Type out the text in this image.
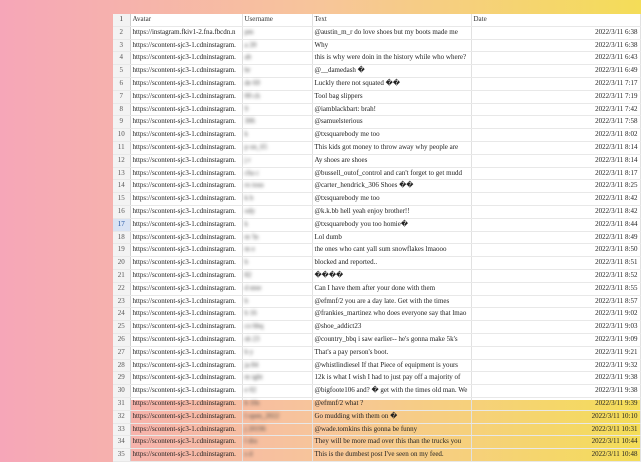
1	Avatar	Username	Text	Date
2	https://instagram.fkiv1-2.fna.fbcdn.n	pm	@austin_m_r do love shoes but my boots made me	2022/3/11 6:38
3	https://scontent-sjc3-1.cdninstagram.	a 20	Why	2022/3/11 6:38
4	https://scontent-sjc3-1.cdninstagram.	ab	this is why were doin in the history while who where?	2022/3/11 6:43
5	https://scontent-sjc3-1.cdninstagram.	br	@__damedash �	2022/3/11 6:49
6	https://scontent-sjc3-1.cdninstagram.	de 69	Luckly there not squated ��	2022/3/11 7:17
7	https://scontent-sjc3-1.cdninstagram.	00 ch	Tool bag slippers	2022/3/11 7:19
8	https://scontent-sjc3-1.cdninstagram.	9	@iamblackbart: brah!	2022/3/11 7:42
9	https://scontent-sjc3-1.cdninstagram.	306	@samuelsterious	2022/3/11 7:58
10	https://scontent-sjc3-1.cdninstagram.	k	@txsquarebody me too	2022/3/11 8:02
11	https://scontent-sjc3-1.cdninstagram.	p on_65	This kids got money to throw away why people are	2022/3/11 8:14
12	https://scontent-sjc3-1.cdninstagram.	j r	Ay shoes are shoes	2022/3/11 8:14
13	https://scontent-sjc3-1.cdninstagram.	cha c	@bussell_outof_control and can't forget to get mudd	2022/3/11 8:17
14	https://scontent-sjc3-1.cdninstagram.	ro ious	@carter_hendrick_306 Shoes ��	2022/3/11 8:25
15	https://scontent-sjc3-1.cdninstagram.	k b	@txsquarebody me too	2022/3/11 8:42
16	https://scontent-sjc3-1.cdninstagram.	ody	@k.k.bb hell yeah enjoy brother!!	2022/3/11 8:42
17	https://scontent-sjc3-1.cdninstagram.	k	@txsquarebody you too homie�	2022/3/11 8:44
18	https://scontent-sjc3-1.cdninstagram.	m 'ln	Lol dumb	2022/3/11 8:49
19	https://scontent-sjc3-1.cdninstagram.	m e	the ones who cant yall sum snowflakes lmaooo	2022/3/11 8:50
20	https://scontent-sjc3-1.cdninstagram.	b	blocked and reported..	2022/3/11 8:51
21	https://scontent-sjc3-1.cdninstagram.	82	����	2022/3/11 8:52
22	https://scontent-sjc3-1.cdninstagram.	d ntee	Can I have them after your done with them	2022/3/11 8:55
23	https://scontent-sjc3-1.cdninstagram.	b	@efmnf/2 you are a day late. Get with the times	2022/3/11 8:57
24	https://scontent-sjc3-1.cdninstagram.	b 16	@frankies_martinez who does everyone say that lmao	2022/3/11 9:02
25	https://scontent-sjc3-1.cdninstagram.	co bbq	@shoe_addict23	2022/3/11 9:03
26	https://scontent-sjc3-1.cdninstagram.	sh 23	@country_bbq i saw earlier-- he's gonna make 5k's	2022/3/11 9:09
27	https://scontent-sjc3-1.cdninstagram.	b y	That's a pay person's boot.	2022/3/11 9:21
28	https://scontent-sjc3-1.cdninstagram.	ja 84	@whistlindiesel If that Piece of equipment is yours	2022/3/11 9:32
29	https://scontent-sjc3-1.cdninstagram.	m ight	12k is what I wish I had to just pay off a majority of	2022/3/11 9:38
30	https://scontent-sjc3-1.cdninstagram.	e 02	@bigfoote106 and? � get with the times old man. We	2022/3/11 9:38
31	https://scontent-sjc3-1.cdninstagram.	b 10s	@efmnf/2 what ?	2022/3/11 9:39
32	https://scontent-sjc3-1.cdninstagram.	l open_2022	Go mudding with them on �	2022/3/11 10:10
33	https://scontent-sjc3-1.cdninstagram.	j 20196	@wade.tomkins this gonna be funny	2022/3/11 10:31
34	https://scontent-sjc3-1.cdninstagram.	l dra	They will be more mad over this than the trucks you	2022/3/11 10:44
35	https://scontent-sjc3-1.cdninstagram.	s d	This is the dumbest post I've seen on my feed.	2022/3/11 10:48
